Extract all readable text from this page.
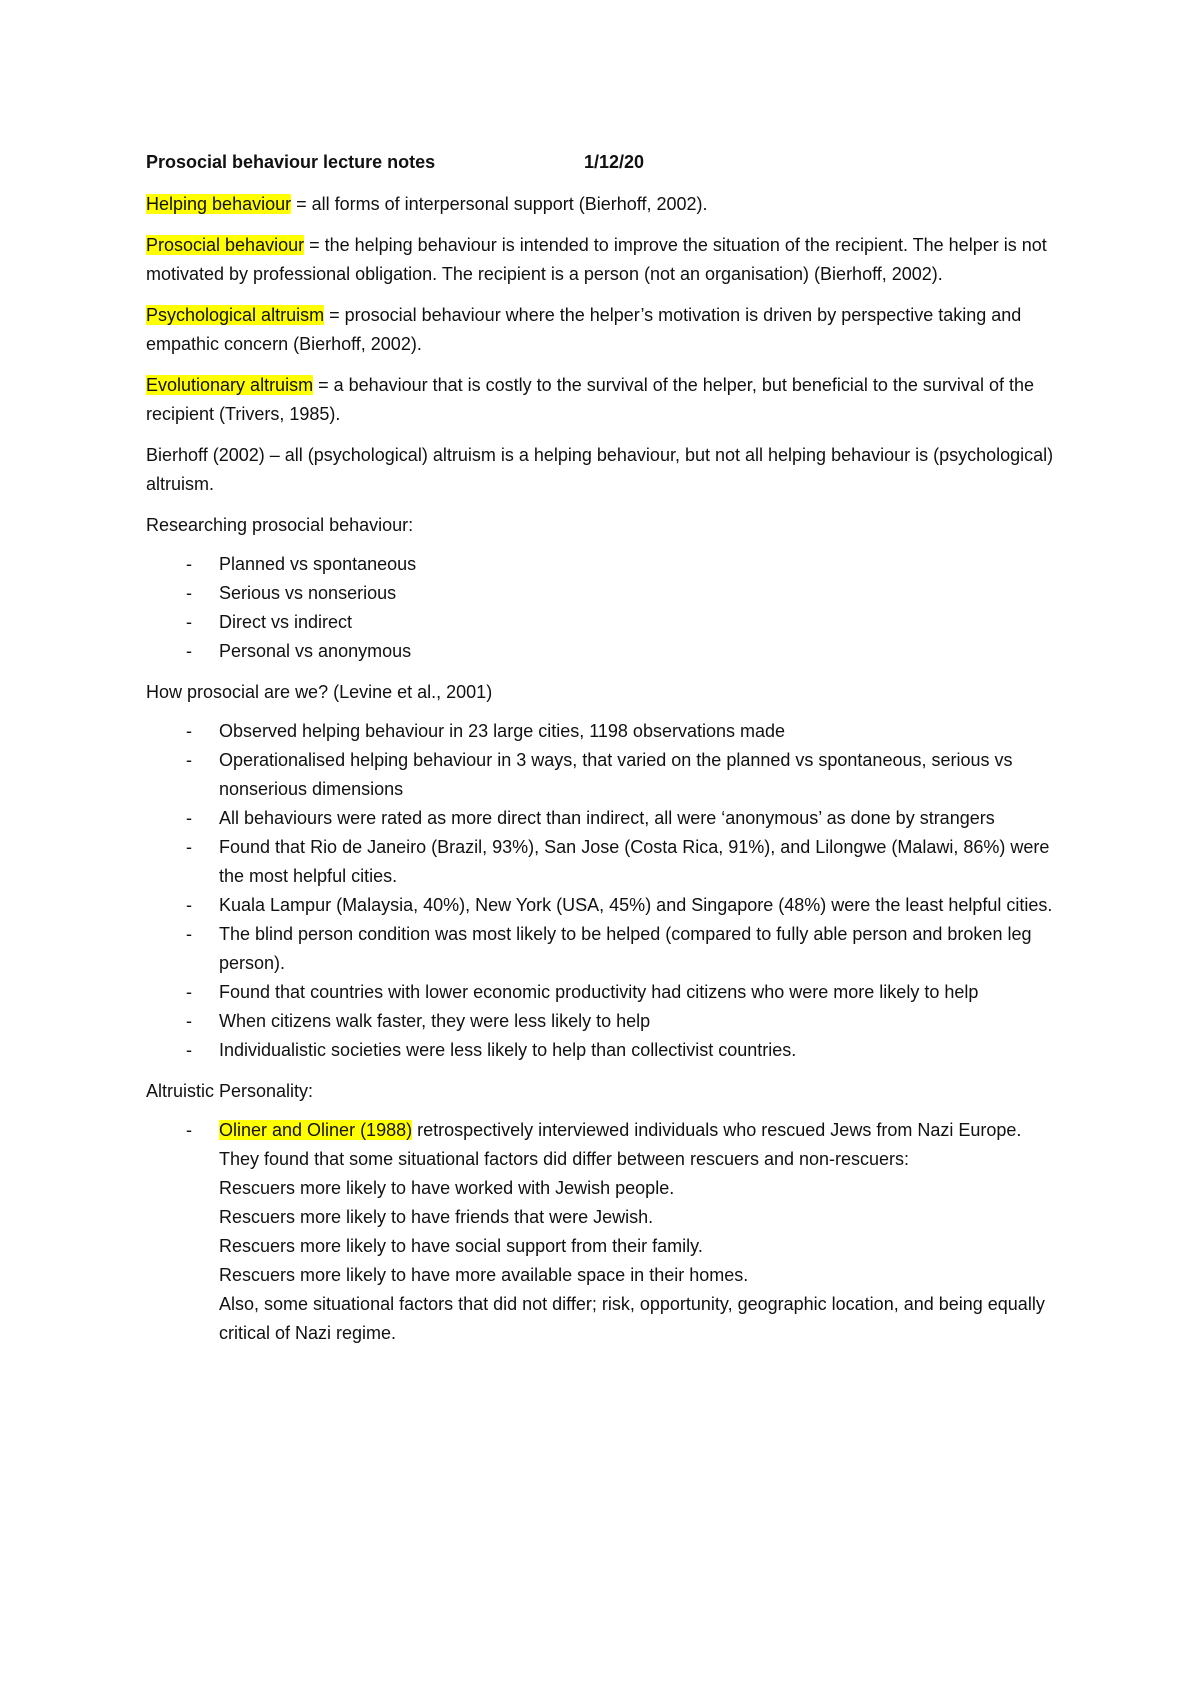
Prosocial behaviour lecture notes	1/12/20

Helping behaviour = all forms of interpersonal support (Bierhoff, 2002).

Prosocial behaviour = the helping behaviour is intended to improve the situation of the recipient. The helper is not motivated by professional obligation. The recipient is a person (not an organisation) (Bierhoff, 2002).

Psychological altruism = prosocial behaviour where the helper’s motivation is driven by perspective taking and empathic concern (Bierhoff, 2002).

Evolutionary altruism = a behaviour that is costly to the survival of the helper, but beneficial to the survival of the recipient (Trivers, 1985).

Bierhoff (2002) – all (psychological) altruism is a helping behaviour, but not all helping behaviour is (psychological) altruism.

Researching prosocial behaviour:

- Planned vs spontaneous
- Serious vs nonserious
- Direct vs indirect
- Personal vs anonymous

How prosocial are we? (Levine et al., 2001)

- Observed helping behaviour in 23 large cities, 1198 observations made
- Operationalised helping behaviour in 3 ways, that varied on the planned vs spontaneous, serious vs nonserious dimensions
- All behaviours were rated as more direct than indirect, all were ‘anonymous’ as done by strangers
- Found that Rio de Janeiro (Brazil, 93%), San Jose (Costa Rica, 91%), and Lilongwe (Malawi, 86%) were the most helpful cities.
- Kuala Lampur (Malaysia, 40%), New York (USA, 45%) and Singapore (48%) were the least helpful cities.
- The blind person condition was most likely to be helped (compared to fully able person and broken leg person).
- Found that countries with lower economic productivity had citizens who were more likely to help
- When citizens walk faster, they were less likely to help
- Individualistic societies were less likely to help than collectivist countries.

Altruistic Personality:

- Oliner and Oliner (1988) retrospectively interviewed individuals who rescued Jews from Nazi Europe. They found that some situational factors did differ between rescuers and non-rescuers:
Rescuers more likely to have worked with Jewish people.
Rescuers more likely to have friends that were Jewish.
Rescuers more likely to have social support from their family.
Rescuers more likely to have more available space in their homes.
Also, some situational factors that did not differ; risk, opportunity, geographic location, and being equally critical of Nazi regime.
